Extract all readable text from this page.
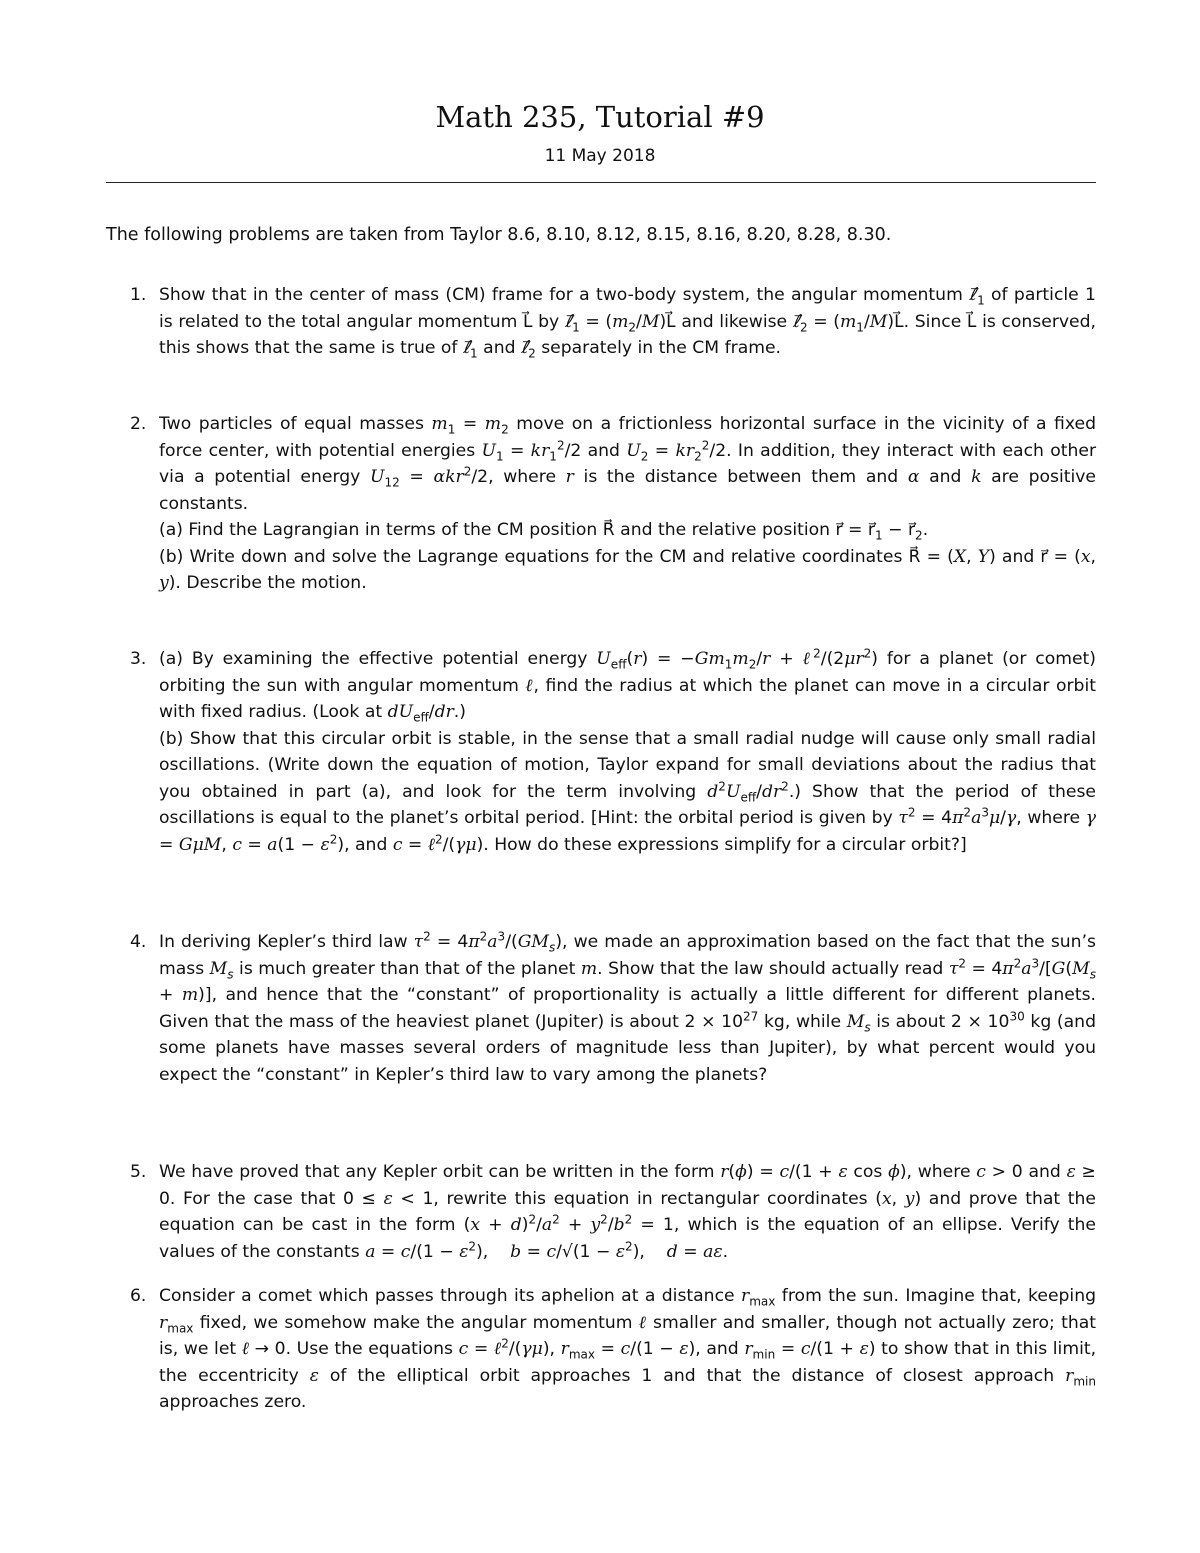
Math 235, Tutorial #9
11 May 2018
The following problems are taken from Taylor 8.6, 8.10, 8.12, 8.15, 8.16, 8.20, 8.28, 8.30.
1. Show that in the center of mass (CM) frame for a two-body system, the angular momentum $\ell⃗_1$ of particle 1 is related to the total angular momentum L⃗ by $\ell⃗_1$ = $(m_2/M)L⃗$ and likewise $\ell⃗_2$ = $(m_1/M)L⃗$. Since L⃗ is conserved, this shows that the same is true of $\ell⃗_1$ and $\ell⃗_2$ separately in the CM frame.
2. Two particles of equal masses $m_1 = m_2$ move on a frictionless horizontal surface in the vicinity of a fixed force center, with potential energies $U_1 = kr_1^2/2$ and $U_2 = kr_2^2/2$. In addition, they interact with each other via a potential energy $U_{12} = \alpha kr^2/2$, where r is the distance between them and α and k are positive constants.

(a) Find the Lagrangian in terms of the CM position R⃗ and the relative position r⃗ = $r⃗_1$ − $r⃗_2$.

(b) Write down and solve the Lagrange equations for the CM and relative coordinates R⃗ = (X, Y) and r⃗ = (x, y). Describe the motion.

3. (a) By examining the effective potential energy $U_{eff}(r) = -Gm_1m_2/r$ + $\ell^2/(2\mu r^2)$ for a planet (or comet) orbiting the sun with angular momentum ℓ, find the radius at which the planet can move in a circular orbit with fixed radius. (Look at $dU_{eff}/dr$.)

(b) Show that this circular orbit is stable, in the sense that a small radial nudge will cause only small radial oscillations. (Write down the equation of motion, Taylor expand for small deviations about the radius that you obtained in part (a), and look for the term involving $d^2U_{eff}/dr^2$.) Show that the period of these oscillations is equal to the planet’s orbital period. [Hint: the orbital period is given by $\tau^2 = 4\pi^2a^3\mu/\gamma$, where γ = GμM, $c = a(1 - \varepsilon^2)$, and c = ℓ$^2$/(γμ). How do these expressions simplify for a circular orbit?]

4. In deriving Kepler’s third law $\tau^2 = 4\pi^2a^3/(GM_s)$, we made an approximation based on the fact that the sun’s mass $M_s$ is much greater than that of the planet m. Show that the law should actually read $\tau^2 = 4\pi^2a^3/[G(M_s + m)]$, and hence that the “constant” of proportionality is actually a little different for different planets. Given that the mass of the heaviest planet (Jupiter) is about $2 \times 10^{27}$ kg, while $M_s$ is about $2 \times 10^{30}$ kg (and some planets have masses several orders of magnitude less than Jupiter), by what percent would you expect the “constant” in Kepler’s third law to vary among the planets?
5. We have proved that any Kepler orbit can be written in the form r(ϕ) = c/(1 + ε cos ϕ), where c > 0 and ε ≥ 0. For the case that 0 ≤ ε < 1, rewrite this equation in rectangular coordinates (x, y) and prove that the equation can be cast in the form $(x + d)^2/a^2 + y^2/b^2 = 1$, which is the equation of an ellipse. Verify the values of the constants $a = c/(1 - \varepsilon^2)$,    $b = c/√(1 - \varepsilon^2)$,    d = aε.
6. Consider a comet which passes through its aphelion at a distance $r_{max}$ from the sun. Imagine that, keeping $r_{max}$ fixed, we somehow make the angular momentum ℓ smaller and smaller, though not actually zero; that is, we let ℓ → 0. Use the equations c = ℓ$^2$/(γμ), $r_{max} = c/(1 - \varepsilon)$, and $r_{min} = c/(1 + \varepsilon)$ to show that in this limit, the eccentricity ε of the elliptical orbit approaches 1 and that the distance of closest approach $r_{min}$ approaches zero.
